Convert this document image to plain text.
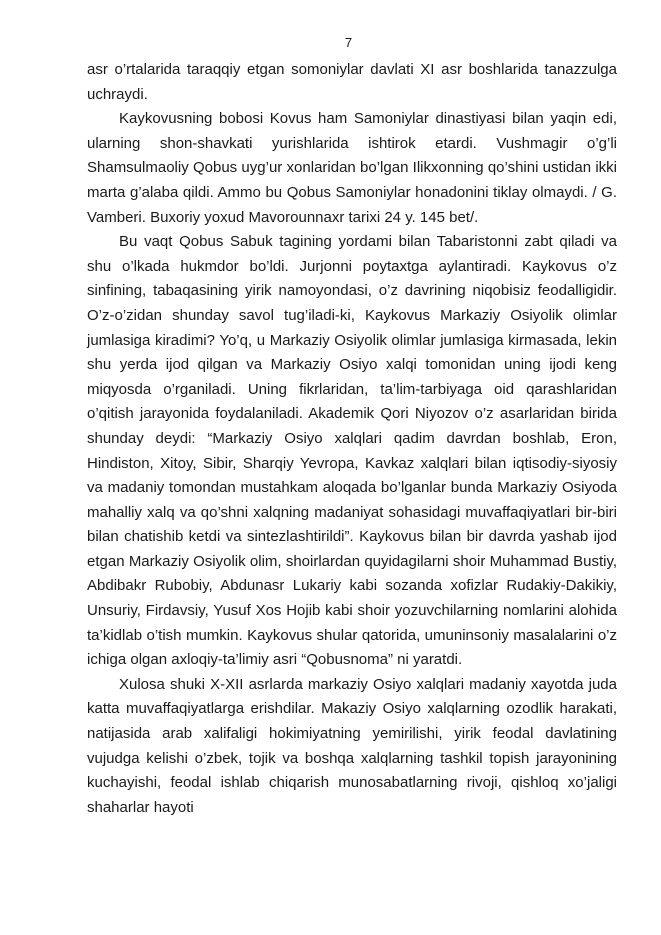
7

asr o’rtalarida taraqqiy etgan somoniylar davlati XI asr boshlarida tanazzulga uchraydi.

Kaykovusning bobosi Kovus ham Samoniylar dinastiyasi bilan yaqin edi, ularning shon-shavkati yurishlarida ishtirok etardi. Vushmagir o’g’li Shamsulmaoliy Qobus uyg’ur xonlaridan bo’lgan Ilikxonning qo’shini ustidan ikki marta g’alaba qildi. Ammo bu Qobus Samoniylar honadonini tiklay olmaydi. / G. Vamberi. Buxoriy yoxud Mavorounnaxr tarixi 24 y. 145 bet/.

Bu vaqt Qobus Sabuk tagining yordami bilan Tabaristonni zabt qiladi va shu o’lkada hukmdor bo’ldi. Jurjonni poytaxtga aylantiradi. Kaykovus o’z sinfining, tabaqasining yirik namoyondasi, o’z davrining niqobisiz feodalligidir. O’z-o’zidan shunday savol tug’iladi-ki, Kaykovus Markaziy Osiyolik olimlar jumlasiga kiradimi? Yo’q, u Markaziy Osiyolik olimlar jumlasiga kirmasada, lekin shu yerda ijod qilgan va Markaziy Osiyo xalqi tomonidan uning ijodi keng miqyosda o’rganiladi. Uning fikrlaridan, ta’lim-tarbiyaga oid qarashlaridan o’qitish jarayonida foydalaniladi. Akademik Qori Niyozov o’z asarlaridan birida shunday deydi: “Markaziy Osiyo xalqlari qadim davrdan boshlab, Eron, Hindiston, Xitoy, Sibir, Sharqiy Yevropa, Kavkaz xalqlari bilan iqtisodiy-siyosiy va madaniy tomondan mustahkam aloqada bo’lganlar bunda Markaziy Osiyoda mahalliy xalq va qo’shni xalqning madaniyat sohasidagi muvaffaqiyatlari bir-biri bilan chatishib ketdi va sintezlashtirildi”. Kaykovus bilan bir davrda yashab ijod etgan Markaziy Osiyolik olim, shoirlardan quyidagilarni shoir Muhammad Bustiy, Abdibakr Rubobiy, Abdunasr Lukariy kabi sozanda xofizlar Rudakiy-Dakikiy, Unsuriy, Firdavsiy, Yusuf Xos Hojib kabi shoir yozuvchilarning nomlarini alohida ta’kidlab o’tish mumkin. Kaykovus shular qatorida, umuninsoniy masalalarini o’z ichiga olgan axloqiy-ta’limiy asri “Qobusnoma” ni yaratdi.

Xulosa shuki X-XII asrlarda markaziy Osiyo xalqlari madaniy xayotda juda katta muvaffaqiyatlarga erishdilar. Makaziy Osiyo xalqlarning ozodlik harakati, natijasida arab xalifaligi hokimiyatning yemirilishi, yirik feodal davlatining vujudga kelishi o’zbek, tojik va boshqa xalqlarning tashkil topish jarayonining kuchayishi, feodal ishlab chiqarish munosabatlarning rivoji, qishloq xo’jaligi shaharlar hayoti
